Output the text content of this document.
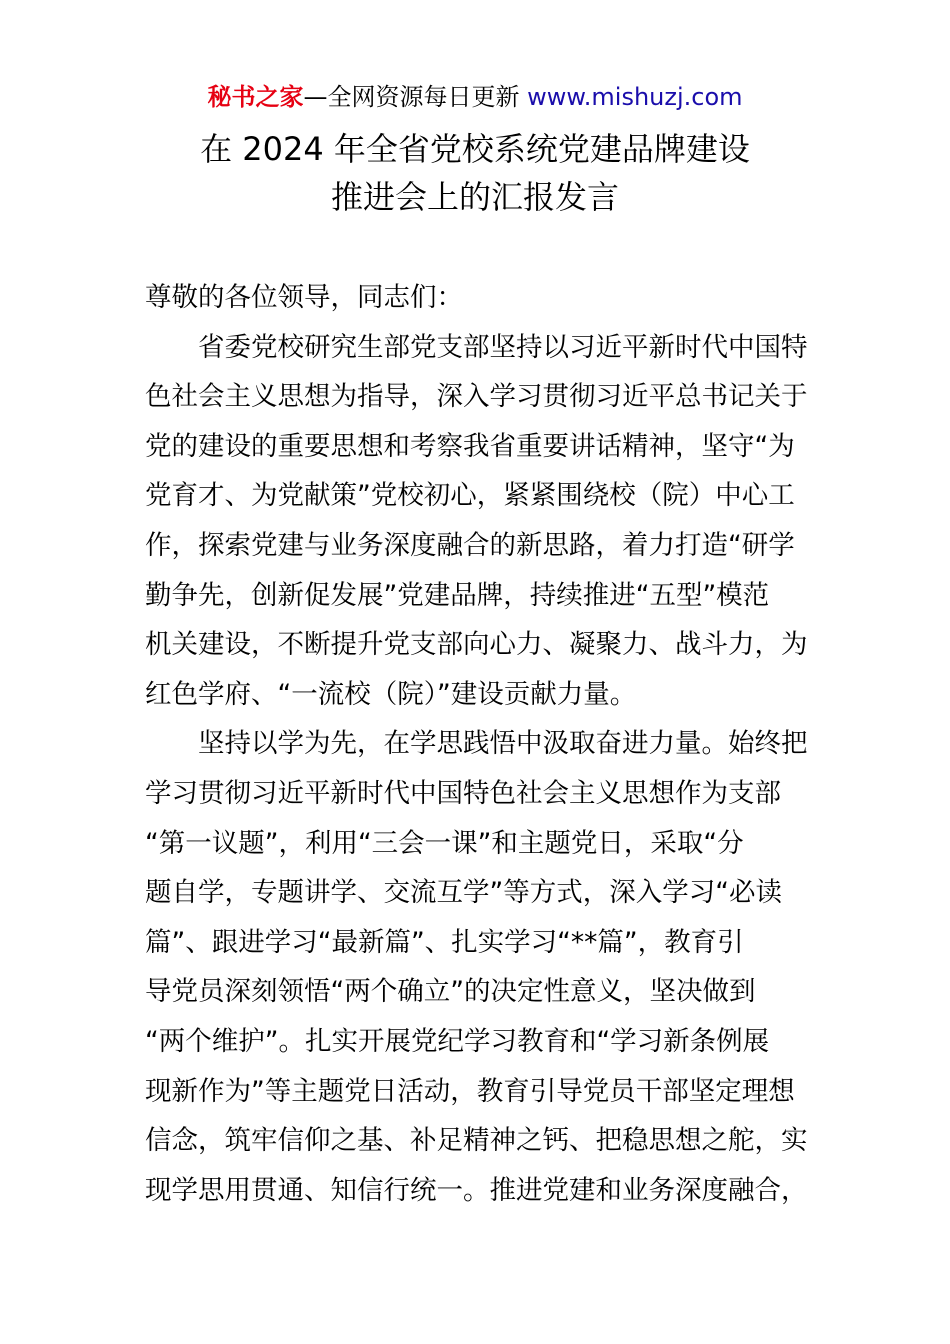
秘书之家—全网资源每日更新 www.mishuzj.com
在 2024 年全省党校系统党建品牌建设
推进会上的汇报发言
尊敬的各位领导，同志们：
省委党校研究生部党支部坚持以习近平新时代中国特
色社会主义思想为指导，深入学习贯彻习近平总书记关于
党的建设的重要思想和考察我省重要讲话精神，坚守“为
党育才、为党献策”党校初心，紧紧围绕校（院）中心工
作，探索党建与业务深度融合的新思路，着力打造“研学
勤争先，创新促发展”党建品牌，持续推进“五型”模范
机关建设，不断提升党支部向心力、凝聚力、战斗力，为
红色学府、“一流校（院）”建设贡献力量。
坚持以学为先，在学思践悟中汲取奋进力量。始终把
学习贯彻习近平新时代中国特色社会主义思想作为支部
“第一议题”，利用“三会一课”和主题党日，采取“分
题自学，专题讲学、交流互学”等方式，深入学习“必读
篇”、跟进学习“最新篇”、扎实学习“**篇”，教育引
导党员深刻领悟“两个确立”的决定性意义，坚决做到
“两个维护”。扎实开展党纪学习教育和“学习新条例展
现新作为”等主题党日活动，教育引导党员干部坚定理想
信念，筑牢信仰之基、补足精神之钙、把稳思想之舵，实
现学思用贯通、知信行统一。推进党建和业务深度融合，
